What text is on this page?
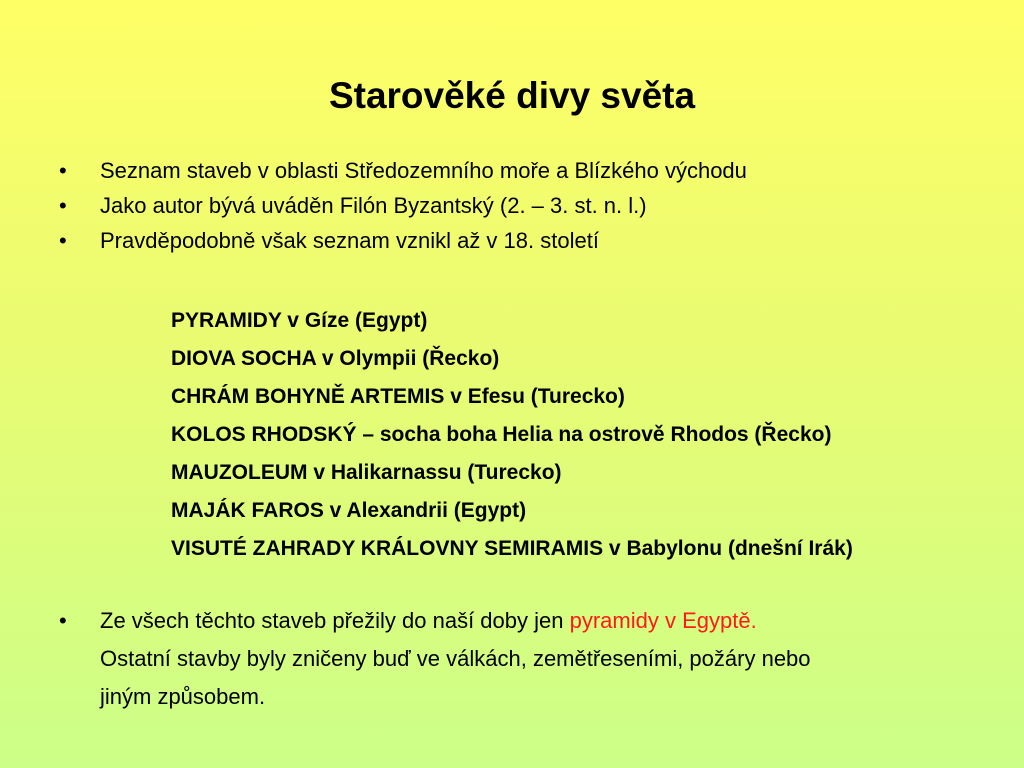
Starověké divy světa
• Seznam staveb v oblasti Středozemního moře a Blízkého východu
• Jako autor bývá uváděn Filón Byzantský (2. – 3. st. n. l.)
• Pravděpodobně však seznam vznikl až v 18. století
PYRAMIDY v Gíze (Egypt)
DIOVA SOCHA v Olympii (Řecko)
CHRÁM BOHYNĚ ARTEMIS v Efesu (Turecko)
KOLOS RHODSKÝ – socha boha Helia na ostrově Rhodos (Řecko)
MAUZOLEUM v Halikarnassu (Turecko)
MAJÁK FAROS v Alexandrii (Egypt)
VISUTÉ ZAHRADY KRÁLOVNY SEMIRAMIS v Babylonu (dnešní Irák)
• Ze všech těchto staveb přežily do naší doby jen pyramidy v Egyptě.
Ostatní stavby byly zničeny buď ve válkách, zemětřeseními, požáry nebo
jiným způsobem.
